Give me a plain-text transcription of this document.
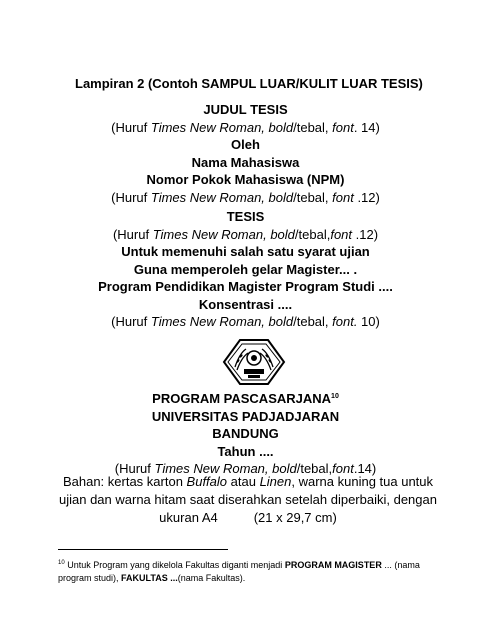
Lampiran 2 (Contoh SAMPUL LUAR/KULIT LUAR TESIS)
JUDUL TESIS
(Huruf Times New Roman, bold/tebal, font. 14)
Oleh
Nama Mahasiswa
Nomor Pokok Mahasiswa (NPM)
(Huruf Times New Roman, bold/tebal, font .12)
TESIS
(Huruf Times New Roman, bold/tebal,font .12)
Untuk memenuhi salah satu syarat ujian
Guna memperoleh gelar Magister... .
Program Pendidikan Magister Program Studi ....
Konsentrasi ....
(Huruf Times New Roman, bold/tebal, font. 10)
PROGRAM PASCASARJANA$^{10}$
UNIVERSITAS PADJADJARAN
BANDUNG
Tahun ....
(Huruf Times New Roman, bold/tebal,font.14)
Bahan: kertas karton Buffalo atau Linen, warna kuning tua untuk
ujian dan warna hitam saat diserahkan setelah diperbaiki, dengan
ukuran A4	(21 x 29,7 cm)
$^{10}$ Untuk Program yang dikelola Fakultas diganti menjadi PROGRAM MAGISTER ... (nama program studi), FAKULTAS ...(nama Fakultas).
